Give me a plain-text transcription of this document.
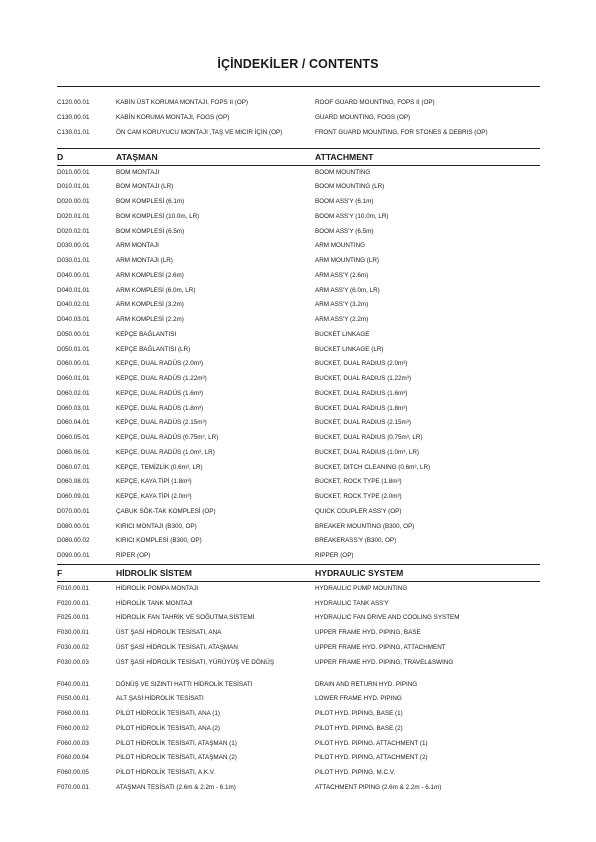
İÇİNDEKİLER / CONTENTS
C120.00.01	KABİN ÜST KORUMA MONTAJI, FOPS II (OP)	ROOF GUARD MOUNTING, FOPS II (OP)
C130.00.01	KABİN KORUMA MONTAJI, FOGS (OP)	GUARD MOUNTING, FOGS (OP)
C130.01.01	ÖN CAM KORUYUCU MONTAJI ,TAŞ VE MICIR İÇİN (OP)	FRONT GUARD MOUNTING, FOR STONES & DEBRIS (OP)
D	ATAŞMAN	ATTACHMENT
D010.00.01	BOM MONTAJI	BOOM MOUNTING
D010.01.01	BOM MONTAJI (LR)	BOOM MOUNTING (LR)
D020.00.01	BOM KOMPLESİ (6.1m)	BOOM ASS'Y (6.1m)
D020.01.01	BOM KOMPLESİ (10.0m, LR)	BOOM ASS'Y (10.0m, LR)
D020.02.01	BOM KOMPLESİ (6.5m)	BOOM ASS'Y (6.5m)
D030.00.01	ARM MONTAJI	ARM MOUNTING
D030.01.01	ARM MONTAJI (LR)	ARM MOUNTING (LR)
D040.00.01	ARM KOMPLESİ (2.6m)	ARM ASS'Y (2.6m)
D040.01.01	ARM KOMPLESİ (6.0m, LR)	ARM ASS'Y (6.0m, LR)
D040.02.01	ARM KOMPLESİ (3.2m)	ARM ASS'Y (3.2m)
D040.03.01	ARM KOMPLESİ (2.2m)	ARM ASS'Y (2.2m)
D050.00.01	KEPÇE BAĞLANTISI	BUCKET LINKAGE
D050.01.01	KEPÇE BAĞLANTISI (LR)	BUCKET LINKAGE (LR)
D060.00.01	KEPÇE, DUAL RADÜS (2.0m³)	BUCKET, DUAL RADIUS (2.0m³)
D060.01.01	KEPÇE, DUAL RADÜS (1.22m³)	BUCKET, DUAL RADIUS (1.22m³)
D060.02.01	KEPÇE, DUAL RADÜS (1.6m³)	BUCKET, DUAL RADIUS (1.6m³)
D060.03.01	KEPÇE, DUAL RADÜS (1.8m³)	BUCKET, DUAL RADIUS (1.8m³)
D060.04.01	KEPÇE, DUAL RADÜS (2.15m³)	BUCKET, DUAL RADIUS (2.15m³)
D060.05.01	KEPÇE, DUAL RADÜS (0.75m³, LR)	BUCKET, DUAL RADIUS (0.75m³, LR)
D060.06.01	KEPÇE, DUAL RADÜS (1.0m³, LR)	BUCKET, DUAL RADIUS (1.0m³, LR)
D060.07.01	KEPÇE, TEMİZLİK (0.6m³, LR)	BUCKET, DITCH CLEANING (0.6m³, LR)
D060.08.01	KEPÇE, KAYA TİPİ (1.8m³)	BUCKET, ROCK TYPE (1.8m³)
D060.09.01	KEPÇE, KAYA TİPİ (2.0m³)	BUCKET, ROCK TYPE (2.0m³)
D070.00.01	ÇABUK SÖK-TAK KOMPLESİ (OP)	QUICK COUPLER ASS'Y (OP)
D080.00.01	KIRICI MONTAJI (B300, OP)	BREAKER MOUNTING (B300, OP)
D080.00.02	KIRICI KOMPLESİ (B300, OP)	BREAKERASS'Y (B300, OP)
D090.00.01	RİPER (OP)	RIPPER (OP)
F	HİDROLİK SİSTEM	HYDRAULIC SYSTEM
F010.00.01	HİDROLİK POMPA MONTAJI	HYDRAULIC PUMP MOUNTING
F020.00.01	HİDROLİK TANK MONTAJI	HYDRAULIC TANK ASS'Y
F025.00.01	HİDROLİK FAN TAHRİK VE SOĞUTMA SİSTEMİ	HYDRAULIC FAN DRIVE AND COOLING SYSTEM
F030.00.01	ÜST ŞASİ HİDROLİK TESİSATI, ANA	UPPER FRAME HYD. PIPING, BASE
F030.00.02	ÜST ŞASİ HİDROLİK TESİSATI, ATAŞMAN	UPPER FRAME HYD. PIPING, ATTACHMENT
F030.00.03	ÜST ŞASİ HİDROLİK TESİSATI, YÜRÜYÜŞ VE DÖNÜŞ	UPPER FRAME HYD. PIPING, TRAVEL&SWING
F040.00.01	DÖNÜŞ VE SIZINTI HATTI HİDROLİK TESİSATI	DRAIN AND RETURN HYD. PIPING
F050.00.01	ALT ŞASİ HİDROLİK TESİSATI	LOWER FRAME HYD. PIPING
F060.00.01	PİLOT HİDROLİK TESİSATI, ANA (1)	PILOT HYD. PIPING, BASE (1)
F060.00.02	PİLOT HİDROLİK TESİSATI, ANA (2)	PILOT HYD. PIPING, BASE (2)
F060.00.03	PİLOT HİDROLİK TESİSATI, ATAŞMAN (1)	PILOT HYD. PIPING, ATTACHMENT (1)
F060.00.04	PİLOT HİDROLİK TESİSATI, ATAŞMAN (2)	PILOT HYD. PIPING, ATTACHMENT (2)
F060.00.05	PİLOT HİDROLİK TESİSATI, A.K.V.	PILOT HYD. PIPING, M.C.V.
F070.00.01	ATAŞMAN TESİSATI (2.6m & 2.2m - 6.1m)	ATTACHMENT PIPING (2.6m & 2.2m - 6.1m)
